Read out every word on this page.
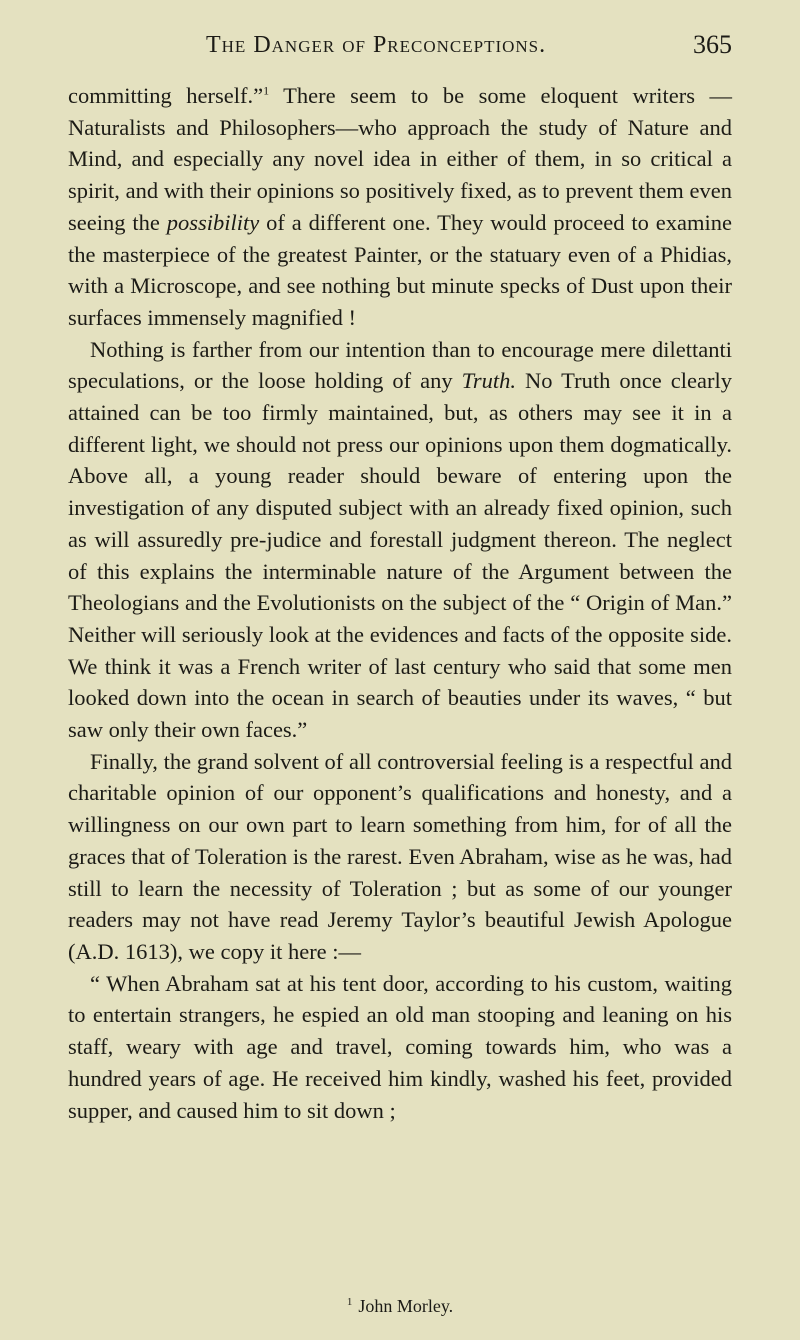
The Danger of Preconceptions.	365

committing herself.”$^1$ There seem to be some eloquent writers —Naturalists and Philosophers—who approach the study of Nature and Mind, and especially any novel idea in either of them, in so critical a spirit, and with their opinions so positively fixed, as to prevent them even seeing the possibility of a different one. They would proceed to examine the masterpiece of the greatest Painter, or the statuary even of a Phidias, with a Microscope, and see nothing but minute specks of Dust upon their surfaces immensely magnified !

Nothing is farther from our intention than to encourage mere dilettanti speculations, or the loose holding of any Truth. No Truth once clearly attained can be too firmly maintained, but, as others may see it in a different light, we should not press our opinions upon them dogmatically. Above all, a young reader should beware of entering upon the investigation of any disputed subject with an already fixed opinion, such as will assuredly pre-judice and forestall judgment thereon. The neglect of this explains the interminable nature of the Argument between the Theologians and the Evolutionists on the subject of the “ Origin of Man.” Neither will seriously look at the evidences and facts of the opposite side. We think it was a French writer of last century who said that some men looked down into the ocean in search of beauties under its waves, “ but saw only their own faces.”

Finally, the grand solvent of all controversial feeling is a respectful and charitable opinion of our opponent’s qualifications and honesty, and a willingness on our own part to learn something from him, for of all the graces that of Toleration is the rarest. Even Abraham, wise as he was, had still to learn the necessity of Toleration ; but as some of our younger readers may not have read Jeremy Taylor’s beautiful Jewish Apologue (A.D. 1613), we copy it here :—

“ When Abraham sat at his tent door, according to his custom, waiting to entertain strangers, he espied an old man stooping and leaning on his staff, weary with age and travel, coming towards him, who was a hundred years of age. He received him kindly, washed his feet, provided supper, and caused him to sit down ;

$^1$ John Morley.
